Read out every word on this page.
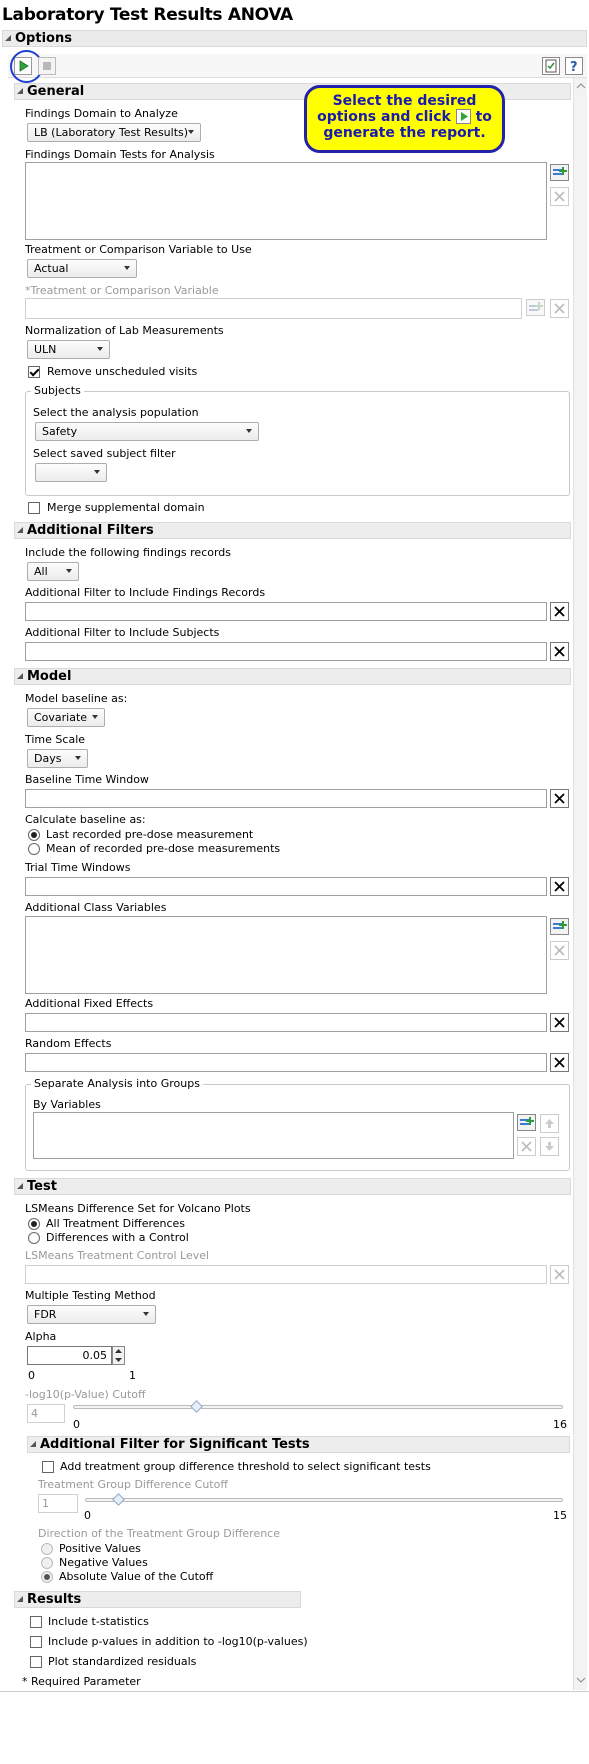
Laboratory Test Results ANOVA
Options
?
General
Select the desired
options and click to
generate the report.
Findings Domain to Analyze
LB (Laboratory Test Results)
Findings Domain Tests for Analysis
Treatment or Comparison Variable to Use
Actual
*Treatment or Comparison Variable
Normalization of Lab Measurements
ULN
Remove unscheduled visits
Subjects
Select the analysis population
Safety
Select saved subject filter
Merge supplemental domain
Additional Filters
Include the following findings records
All
Additional Filter to Include Findings Records
Additional Filter to Include Subjects
Model
Model baseline as:
Covariate
Time Scale
Days
Baseline Time Window
Calculate baseline as:
Last recorded pre-dose measurement
Mean of recorded pre-dose measurements
Trial Time Windows
Additional Class Variables
Additional Fixed Effects
Random Effects
Separate Analysis into Groups
By Variables
Test
LSMeans Difference Set for Volcano Plots
All Treatment Differences
Differences with a Control
LSMeans Treatment Control Level
Multiple Testing Method
FDR
Alpha
0.05
0	1
-log10(p-Value) Cutoff
4
0	16
Additional Filter for Significant Tests
Add treatment group difference threshold to select significant tests
Treatment Group Difference Cutoff
1
0	15
Direction of the Treatment Group Difference
Positive Values
Negative Values
Absolute Value of the Cutoff
Results
Include t-statistics
Include p-values in addition to -log10(p-values)
Plot standardized residuals
* Required Parameter
